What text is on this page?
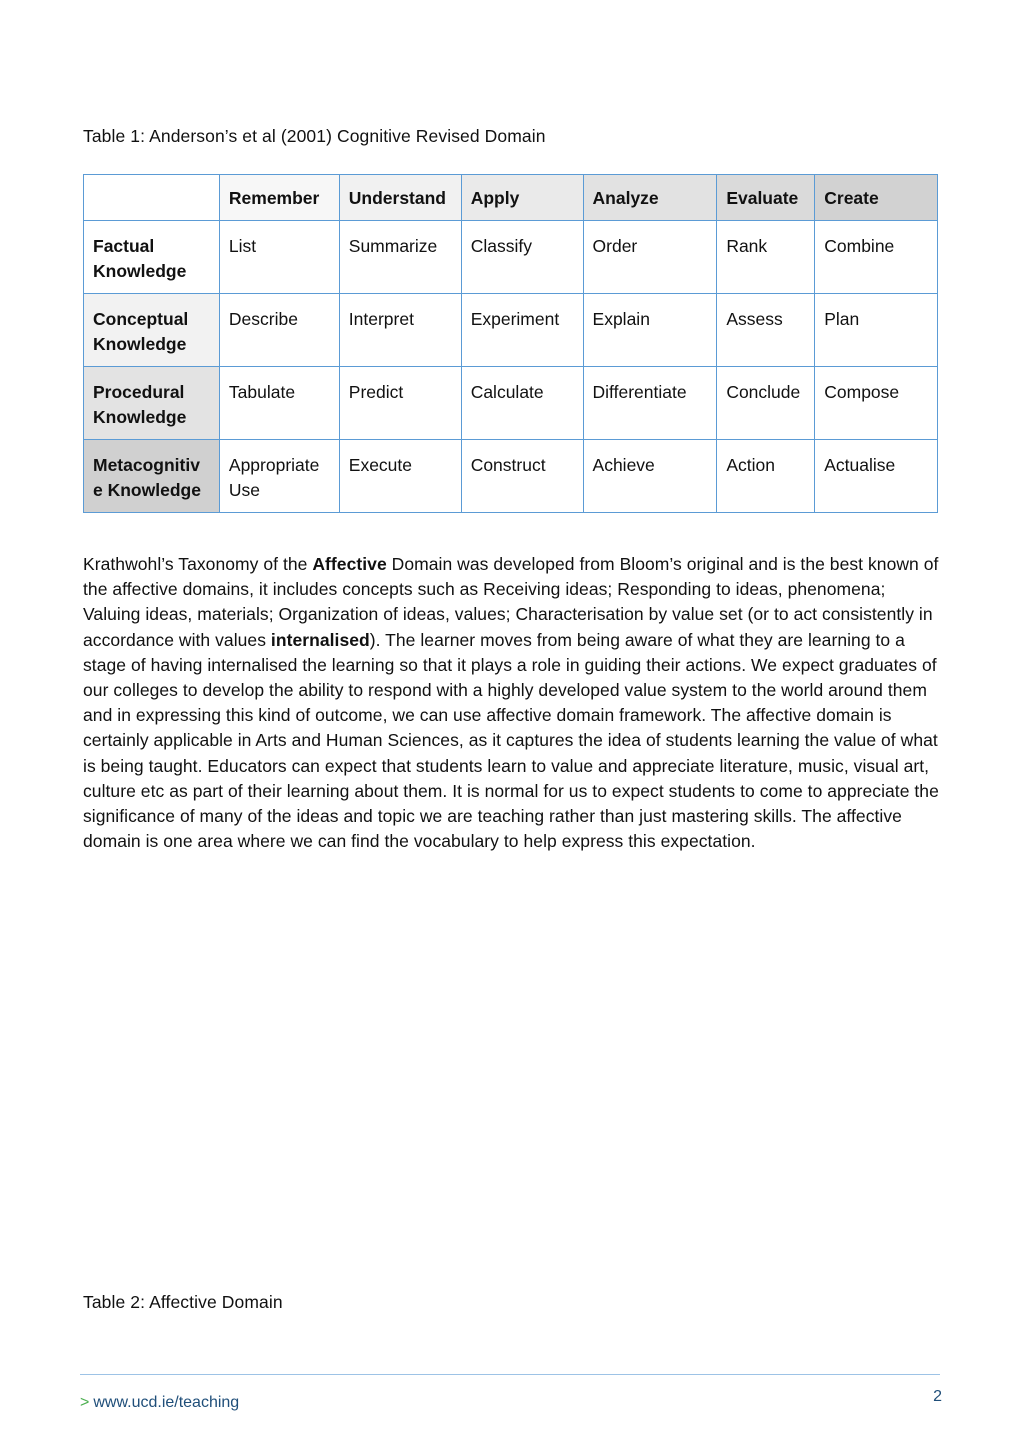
Table 1: Anderson’s et al (2001) Cognitive Revised Domain
	Remember	Understand	Apply	Analyze	Evaluate	Create
Factual Knowledge	List	Summarize	Classify	Order	Rank	Combine
Conceptual Knowledge	Describe	Interpret	Experiment	Explain	Assess	Plan
Procedural Knowledge	Tabulate	Predict	Calculate	Differentiate	Conclude	Compose
Metacognitiv e Knowledge	Appropriate Use	Execute	Construct	Achieve	Action	Actualise
Krathwohl’s Taxonomy of the Affective Domain was developed from Bloom’s original and is the best known of the affective domains, it includes concepts such as Receiving ideas; Responding to ideas, phenomena; Valuing ideas, materials; Organization of ideas, values; Characterisation by value set (or to act consistently in accordance with values internalised). The learner moves from being aware of what they are learning to a stage of having internalised the learning so that it plays a role in guiding their actions. We expect graduates of our colleges to develop the ability to respond with a highly developed value system to the world around them and in expressing this kind of outcome, we can use affective domain framework. The affective domain is certainly applicable in Arts and Human Sciences, as it captures the idea of students learning the value of what is being taught. Educators can expect that students learn to value and appreciate literature, music, visual art, culture etc as part of their learning about them. It is normal for us to expect students to come to appreciate the significance of many of the ideas and topic we are teaching rather than just mastering skills. The affective domain is one area where we can find the vocabulary to help express this expectation.
Table 2: Affective Domain
> www.ucd.ie/teaching	2
